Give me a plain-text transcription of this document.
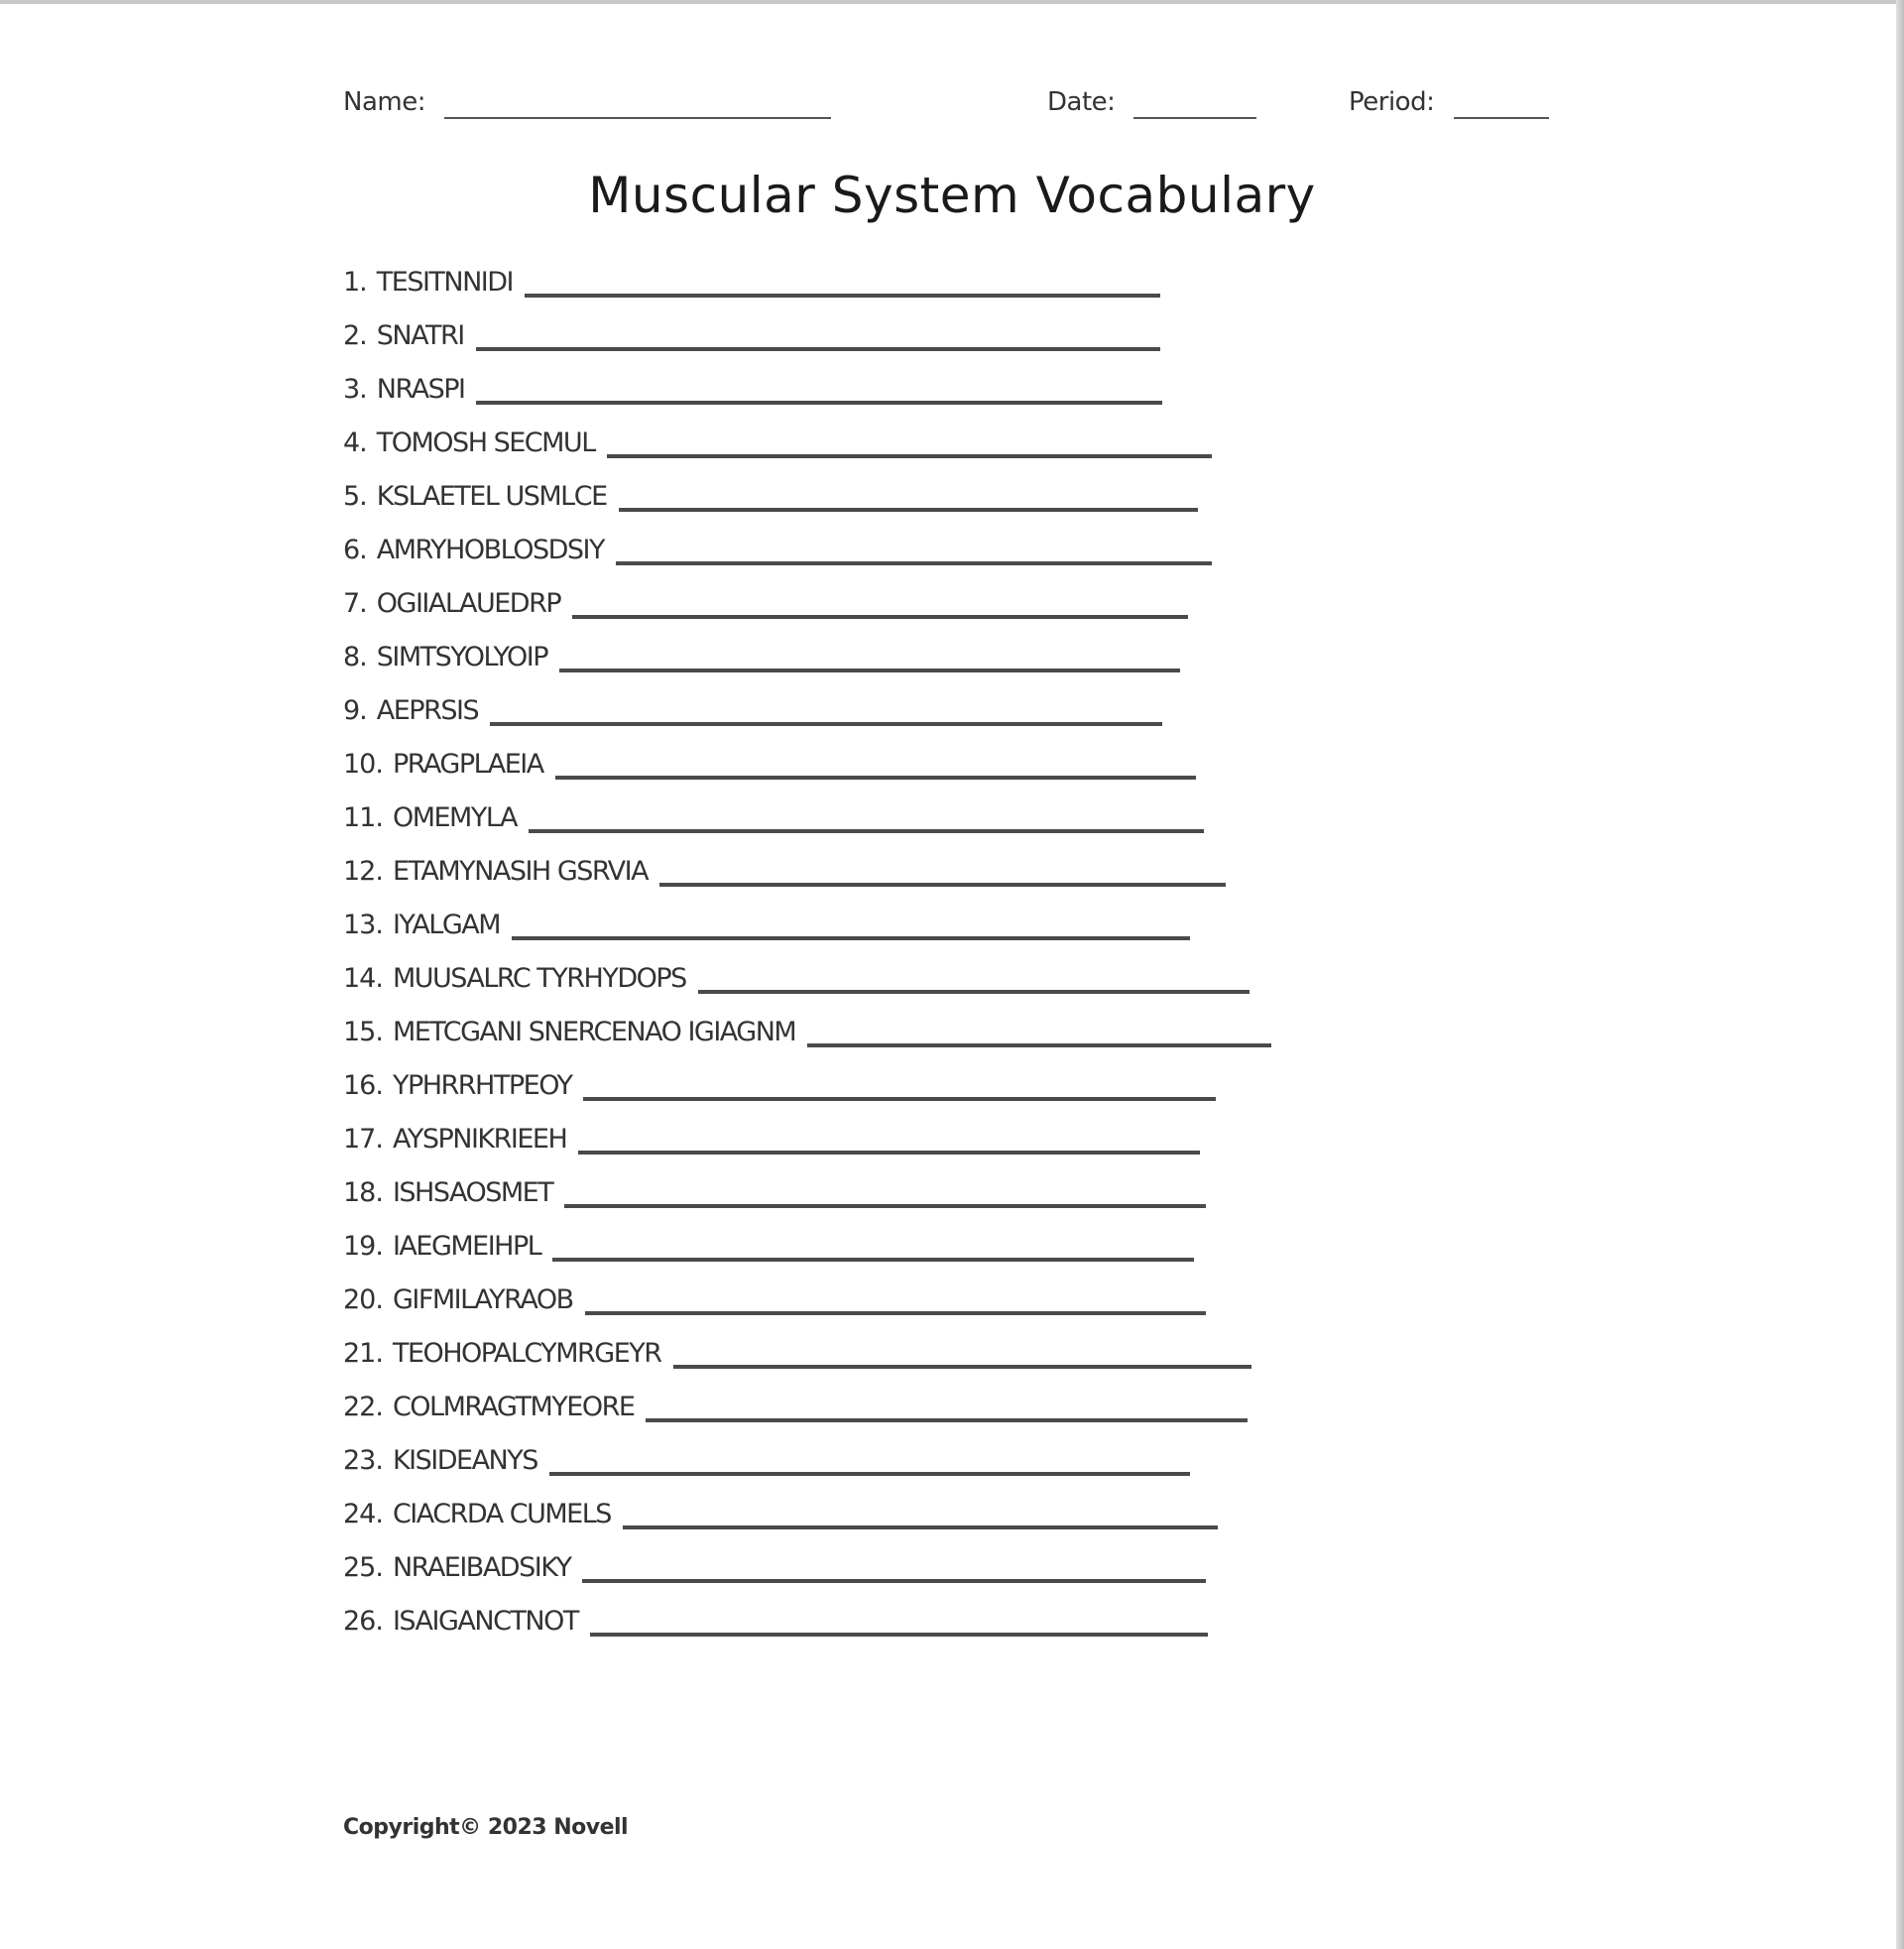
Name:	Date:	Period:
Muscular System Vocabulary
1. TESITNNIDI
2. SNATRI
3. NRASPI
4. TOMOSH SECMUL
5. KSLAETEL USMLCE
6. AMRYHOBLOSDSIY
7. OGIIALAUEDRP
8. SIMTSYOLYOIP
9. AEPRSIS
10. PRAGPLAEIA
11. OMEMYLA
12. ETAMYNASIH GSRVIA
13. IYALGAM
14. MUUSALRC TYRHYDOPS
15. METCGANI SNERCENAO IGIAGNM
16. YPHRRHTPEOY
17. AYSPNIKRIEEH
18. ISHSAOSMET
19. IAEGMEIHPL
20. GIFMILAYRAOB
21. TEOHOPALCYMRGEYR
22. COLMRAGTMYEORE
23. KISIDEANYS
24. CIACRDA CUMELS
25. NRAEIBADSIKY
26. ISAIGANCTNOT
Copyright© 2023 Novell
